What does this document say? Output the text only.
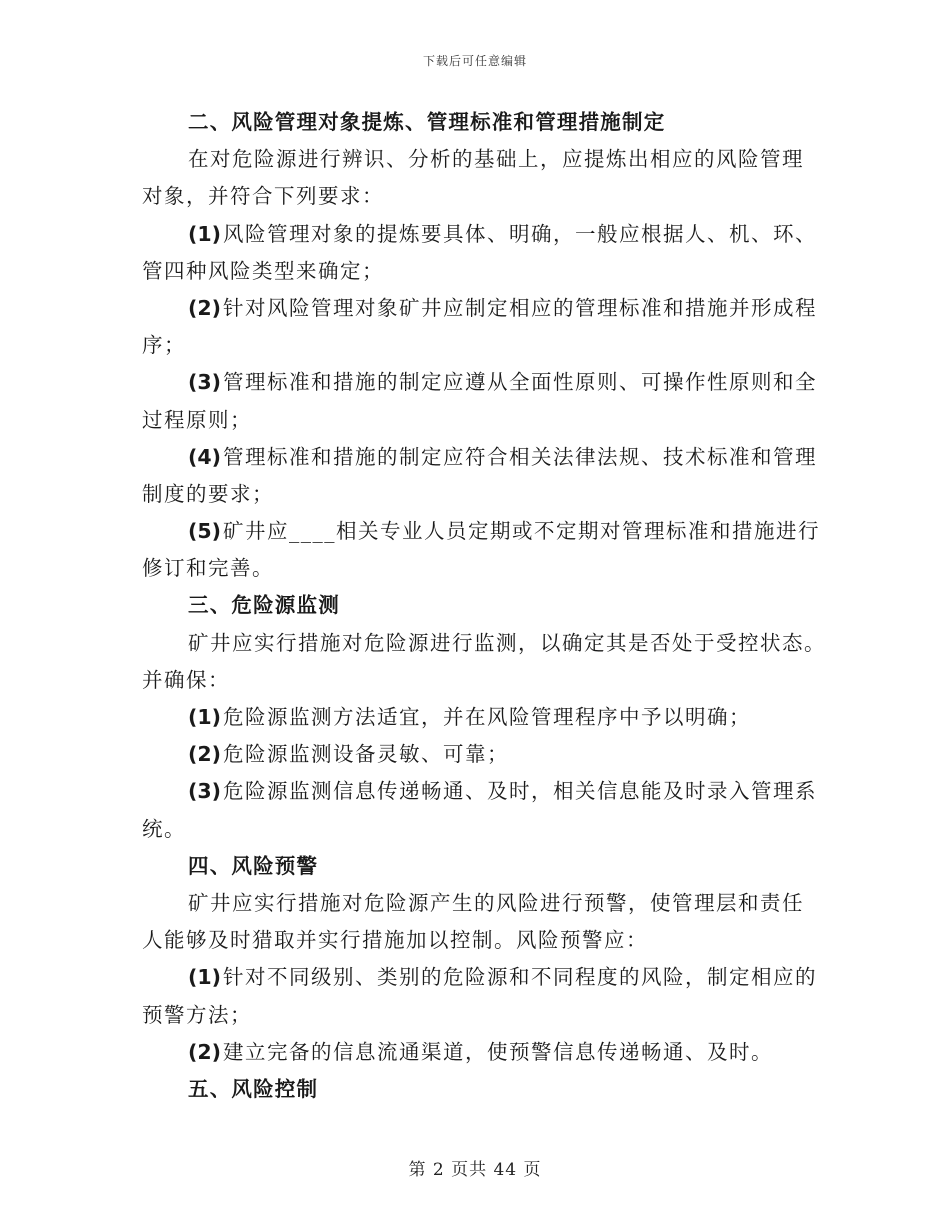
下载后可任意编辑
二、风险管理对象提炼、管理标准和管理措施制定
在对危险源进行辨识、分析的基础上，应提炼出相应的风险管理
对象，并符合下列要求：
(1)风险管理对象的提炼要具体、明确，一般应根据人、机、环、
管四种风险类型来确定；
(2)针对风险管理对象矿井应制定相应的管理标准和措施并形成程
序；
(3)管理标准和措施的制定应遵从全面性原则、可操作性原则和全
过程原则；
(4)管理标准和措施的制定应符合相关法律法规、技术标准和管理
制度的要求；
(5)矿井应____相关专业人员定期或不定期对管理标准和措施进行
修订和完善。
三、危险源监测
矿井应实行措施对危险源进行监测，以确定其是否处于受控状态。
并确保：
(1)危险源监测方法适宜，并在风险管理程序中予以明确；
(2)危险源监测设备灵敏、可靠；
(3)危险源监测信息传递畅通、及时，相关信息能及时录入管理系
统。
四、风险预警
矿井应实行措施对危险源产生的风险进行预警，使管理层和责任
人能够及时猎取并实行措施加以控制。风险预警应：
(1)针对不同级别、类别的危险源和不同程度的风险，制定相应的
预警方法；
(2)建立完备的信息流通渠道，使预警信息传递畅通、及时。
五、风险控制
第 2 页共 44 页
